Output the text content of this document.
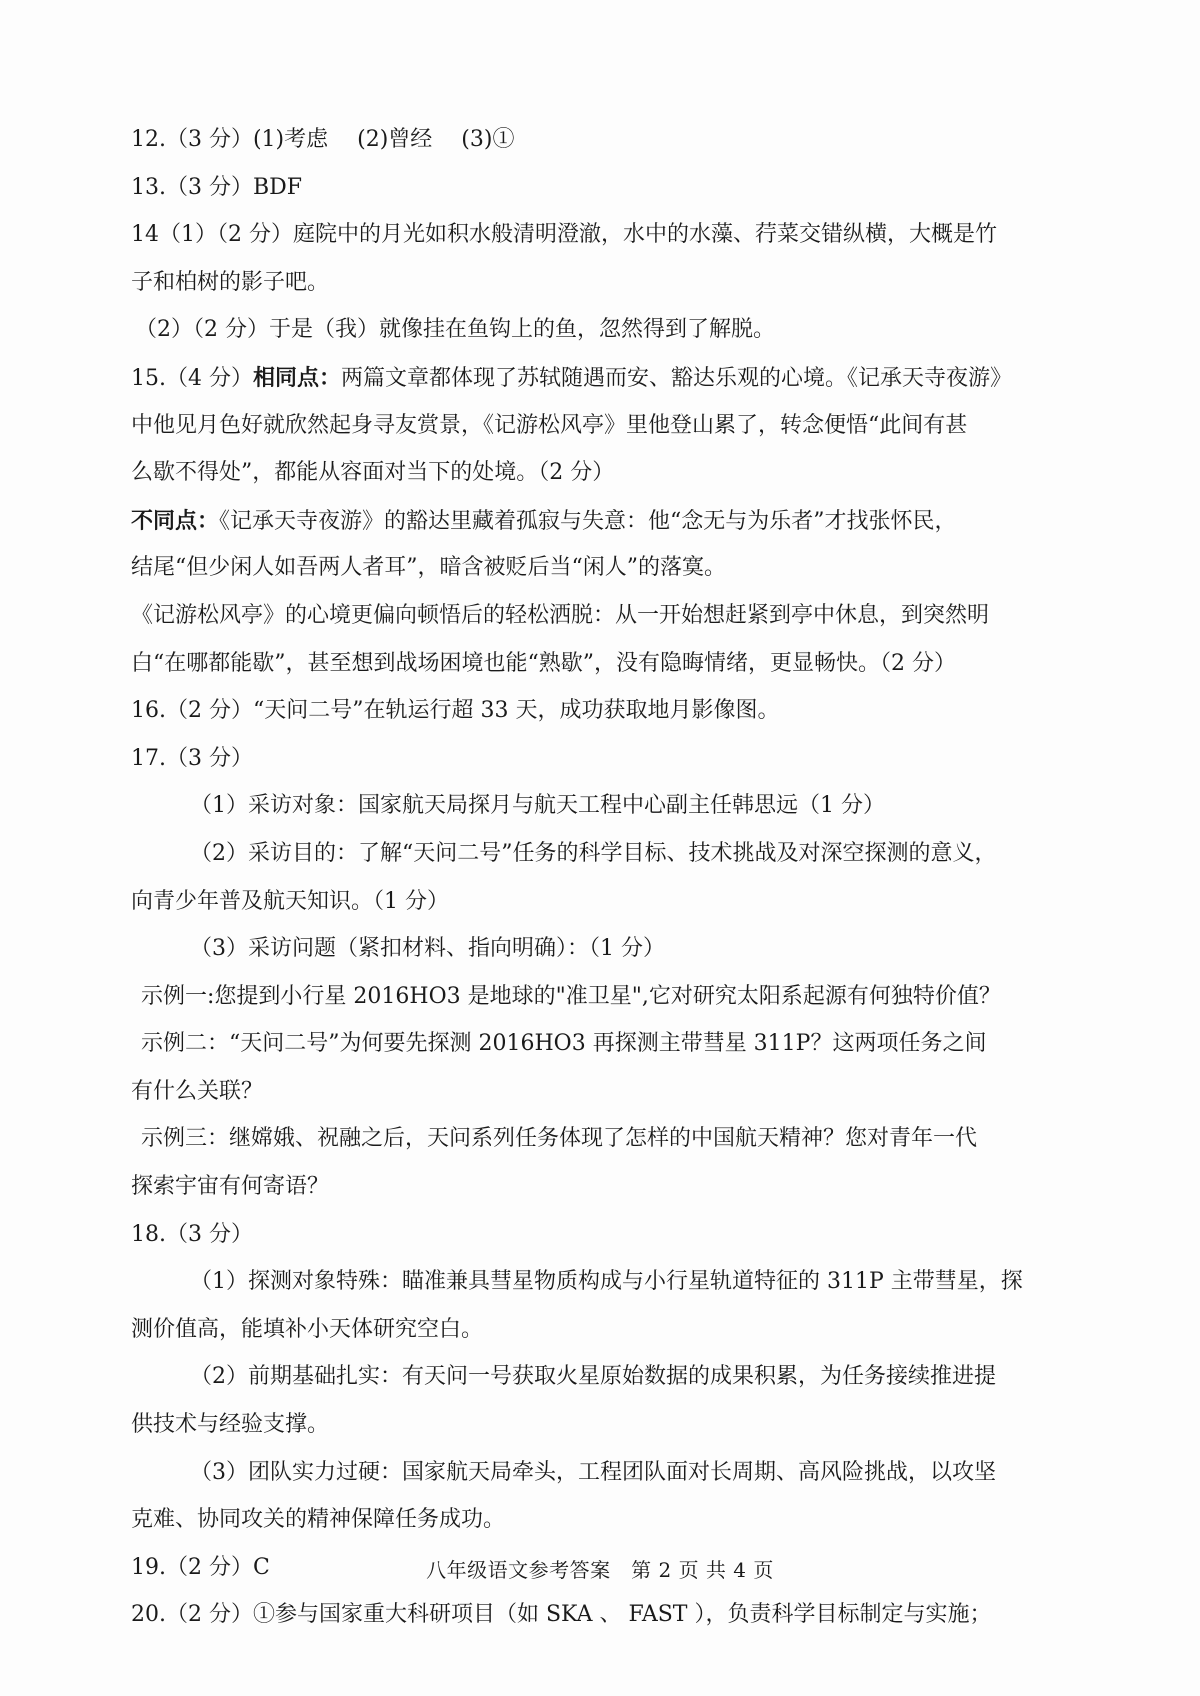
12.（3 分）(1)考虑　 (2)曾经　 (3)①
13.（3 分）BDF
14（1）（2 分）庭院中的月光如积水般清明澄澈，水中的水藻、荇菜交错纵横，大概是竹
子和柏树的影子吧。
（2）（2 分）于是（我）就像挂在鱼钩上的鱼，忽然得到了解脱。
15.（4 分）相同点：两篇文章都体现了苏轼随遇而安、豁达乐观的心境。《记承天寺夜游》
中他见月色好就欣然起身寻友赏景，《记游松风亭》里他登山累了，转念便悟“此间有甚
么歇不得处”，都能从容面对当下的处境。（2 分）
不同点：《记承天寺夜游》的豁达里藏着孤寂与失意：他“念无与为乐者”才找张怀民，
结尾“但少闲人如吾两人者耳”，暗含被贬后当“闲人”的落寞。
《记游松风亭》的心境更偏向顿悟后的轻松洒脱：从一开始想赶紧到亭中休息，到突然明
白“在哪都能歇”，甚至想到战场困境也能“熟歇”，没有隐晦情绪，更显畅快。（2 分）
16.（2 分）“天问二号”在轨运行超 33 天，成功获取地月影像图。
17.（3 分）
（1）采访对象：国家航天局探月与航天工程中心副主任韩思远（1 分）
（2）采访目的：了解“天问二号”任务的科学目标、技术挑战及对深空探测的意义，
向青少年普及航天知识。（1 分）
（3）采访问题（紧扣材料、指向明确）：（1 分）
示例一:您提到小行星 2016HO3 是地球的"准卫星",它对研究太阳系起源有何独特价值？
示例二：“天问二号”为何要先探测 2016HO3 再探测主带彗星 311P？这两项任务之间
有什么关联？
示例三：继嫦娥、祝融之后，天问系列任务体现了怎样的中国航天精神？您对青年一代
探索宇宙有何寄语？
18.（3 分）
（1）探测对象特殊：瞄准兼具彗星物质构成与小行星轨道特征的 311P 主带彗星，探
测价值高，能填补小天体研究空白。
（2）前期基础扎实：有天问一号获取火星原始数据的成果积累，为任务接续推进提
供技术与经验支撑。
（3）团队实力过硬：国家航天局牵头，工程团队面对长周期、高风险挑战，以攻坚
克难、协同攻关的精神保障任务成功。
19.（2 分）C
20.（2 分）①参与国家重大科研项目（如 SKA 、 FAST ），负责科学目标制定与实施；
八年级语文参考答案　第 2 页 共 4 页
